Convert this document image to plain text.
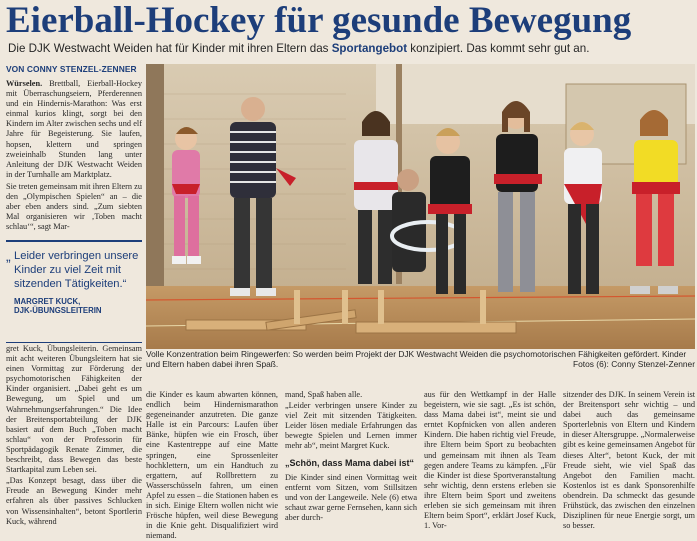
Eierball-Hockey für gesunde Bewegung
Die DJK Westwacht Weiden hat für Kinder mit ihren Eltern das Sportangebot konzipiert. Das kommt sehr gut an.
VON CONNY STENZEL-ZENNER

Würselen. Brettball, Eierball-Hockey mit Überraschungseiern, Pferderennen und ein Hindernis-Marathon: Was erst einmal kurios klingt, sorgt bei den Kindern im Alter zwischen sechs und elf Jahre für Begeisterung. Sie laufen, hopsen, klettern und springen zweieinhalb Stunden lang unter Anleitung der DJK Westwacht Weiden in der Turnhalle am Marktplatz.

Sie treten gemeinsam mit ihren Eltern zu den „Olympischen Spielen“ an – die aber eben anders sind. „Zum siebten Mal organisieren wir ‚Toben macht schlau‘“, sagt Mar-

„ Leider verbringen unsere Kinder zu viel Zeit mit sitzenden Tätigkeiten.“

MARGRET KUCK,
DJK-ÜBUNGSLEITERIN

Volle Konzentration beim Ringewerfen: So werden beim Projekt der DJK Westwacht Weiden die psychomotorischen Fähigkeiten gefördert. Kinder und Eltern haben dabei ihren Spaß.	Fotos (6): Conny Stenzel-Zenner

gret Kuck, Übungsleiterin. Gemeinsam mit acht weiteren Übungsleitern hat sie einen Vormittag zur Förderung der psychomotorischen Fähigkeiten der Kinder organisiert. „Dabei geht es um Bewegung, um Spiel und um Wahrnehmungserfahrungen.“ Die Idee der Breitensportabteilung der DJK basiert auf dem Buch „Toben macht schlau“ von der Professorin für Sportpädagogik Renate Zimmer, die beschreibt, dass Bewegen das beste Startkapital zum Leben sei.

„Das Konzept besagt, dass über die Freude an Bewegung Kinder mehr erfahren als über passives Schlucken von Wissensinhalten“, betont Sportlerin Kuck, während

die Kinder es kaum abwarten können, endlich beim Hindernismarathon gegeneinander anzutreten. Die ganze Halle ist ein Parcours: Laufen über Bänke, hüpfen wie ein Frosch, über eine Kastentreppe auf eine Matte springen, eine Sprossenleiter hochklettern, um ein Handtuch zu ergattern, auf Rollbrettern zu Wasserschüsseln fahren, um einen Apfel zu essen – die Stationen haben es in sich. Einige Eltern wollen nicht wie Frösche hüpfen, weil diese Bewegung in die Knie geht. Disqualifiziert wird niemand.

mand, Spaß haben alle.

„Leider verbringen unsere Kinder zu viel Zeit mit sitzenden Tätigkeiten. Leider lösen mediale Erfahrungen das bewegte Spielen und Lernen immer mehr ab“, meint Margret Kuck.

„Schön, dass Mama dabei ist“

Die Kinder sind einen Vormittag weit entfernt vom Sitzen, vom Stillsitzen und von der Langeweile. Nele (6) etwa schaut zwar gerne Fernsehen, kann sich aber durch-

aus für den Wettkampf in der Halle begeistern, wie sie sagt. „Es ist schön, dass Mama dabei ist“, meint sie und erntet Kopfnicken von allen anderen Kindern. Die haben richtig viel Freude, ihre Eltern beim Sport zu beobachten und gemeinsam mit ihnen als Team gegen andere Teams zu kämpfen. „Für die Kinder ist diese Sportveranstaltung sehr wichtig, denn erstens erleben sie ihre Eltern beim Sport und zweitens erleben sie sich gemeinsam mit ihren Eltern beim Sport“, erklärt Josef Kuck, 1. Vor-

sitzender des DJK. In seinem Verein ist der Breitensport sehr wichtig – und dabei auch das gemeinsame Sporterlebnis von Eltern und Kindern in dieser Altersgruppe. „Normalerweise gibt es keine gemeinsamen Angebot für dieses Alter“, betont Kuck, der mit Freude sieht, wie viel Spaß das Angebot den Familien macht. Kostenlos ist es dank Sponsorenhilfe obendrein. Da schmeckt das gesunde Frühstück, das zwischen den einzelnen Disziplinen für neue Energie sorgt, um so besser.
